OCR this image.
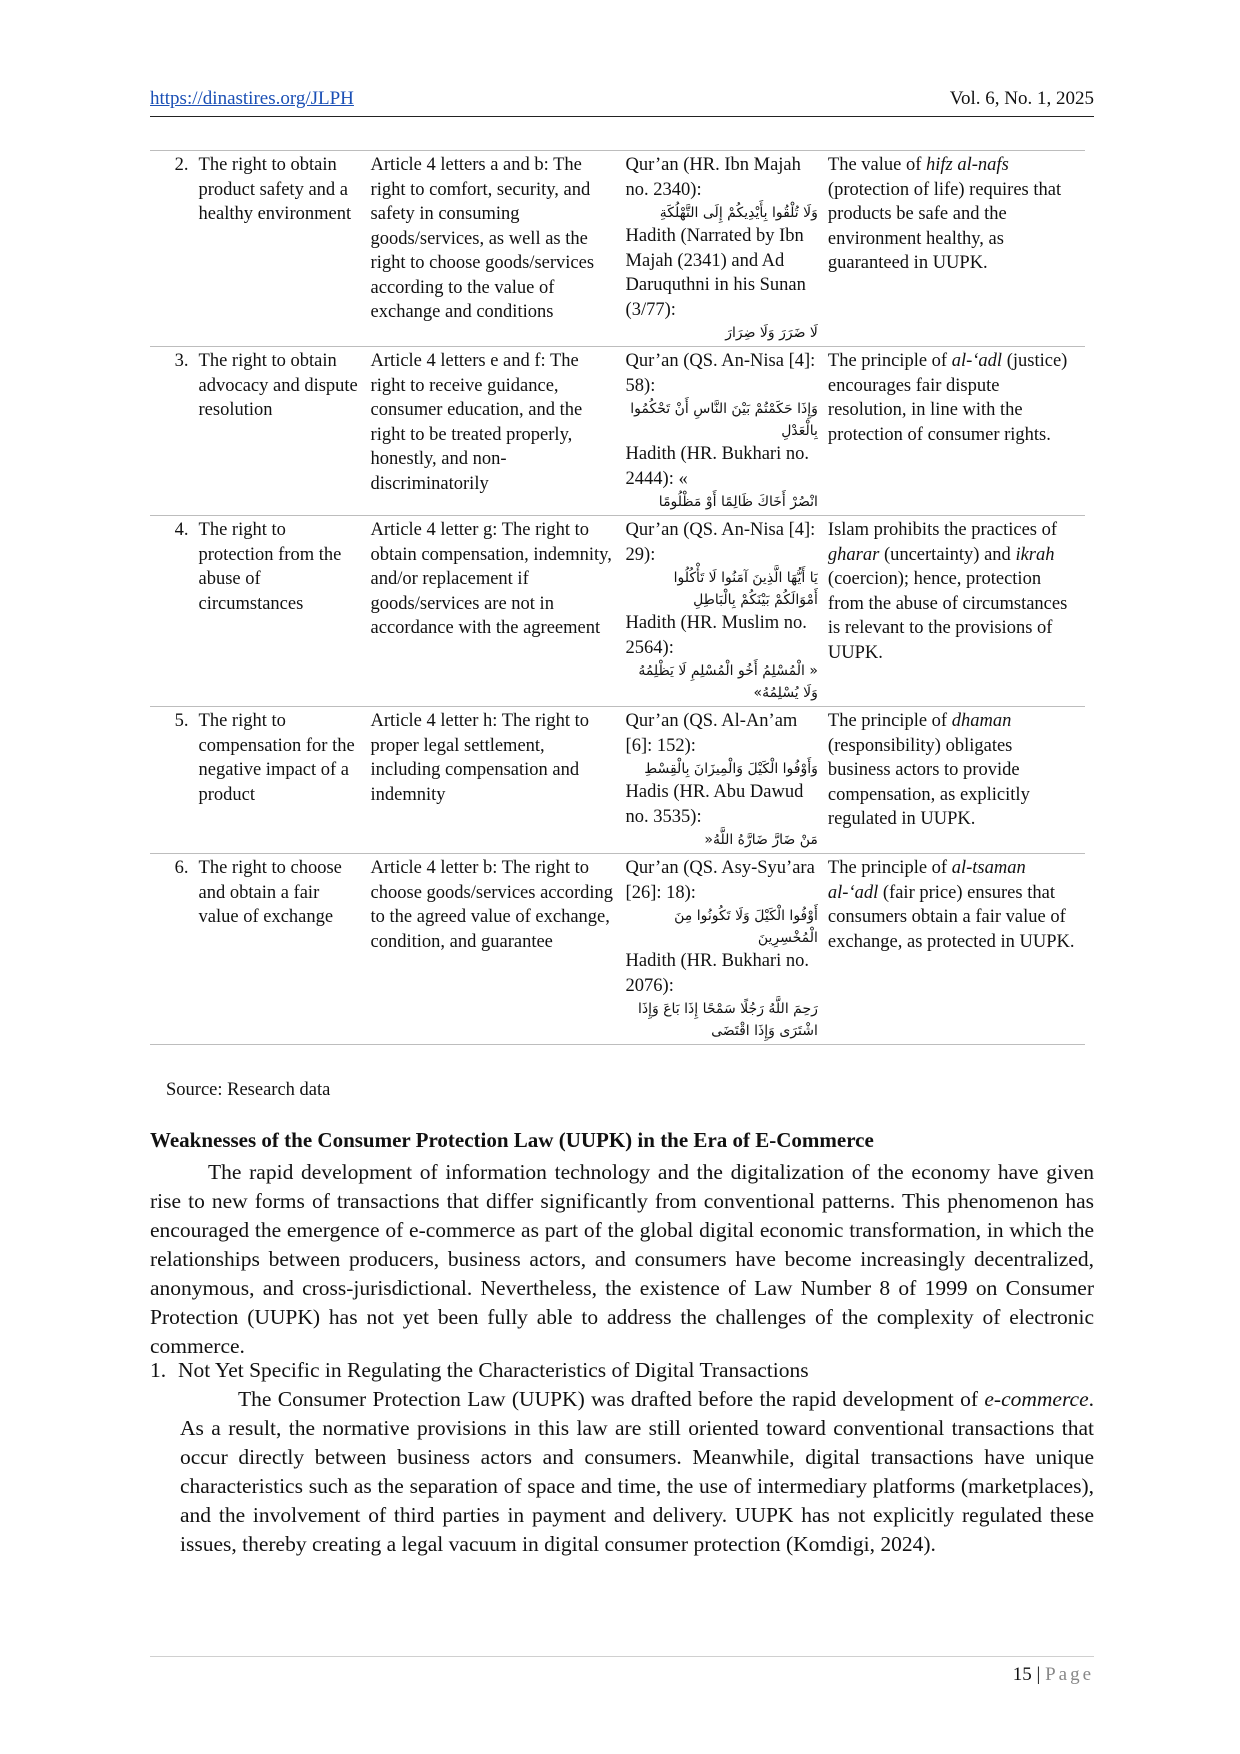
https://dinastires.org/JLPH	Vol. 6, No. 1, 2025
2.	The right to obtain product safety and a healthy environment	Article 4 letters a and b: The right to comfort, security, and safety in consuming goods/services, as well as the right to choose goods/services according to the value of exchange and conditions	Qur’an (HR. Ibn Majah no. 2340):
وَلَا تُلْقُوا بِأَيْدِيكُمْ إِلَى التَّهْلُكَةِ
Hadith (Narrated by Ibn Majah (2341) and Ad Daruquthni in his Sunan (3/77):
لَا ضَرَرَ وَلَا ضِرَارَ	The value of hifz al-nafs (protection of life) requires that products be safe and the environment healthy, as guaranteed in UUPK.
3.	The right to obtain advocacy and dispute resolution	Article 4 letters e and f: The right to receive guidance, consumer education, and the right to be treated properly, honestly, and non-discriminatorily	Qur’an (QS. An-Nisa [4]: 58):
وَإِذَا حَكَمْتُمْ بَيْنَ النَّاسِ أَنْ تَحْكُمُوا بِالْعَدْلِ
Hadith (HR. Bukhari no. 2444): «
انْصُرْ أَخَاكَ ظَالِمًا أَوْ مَظْلُومًا	The principle of al-‘adl (justice) encourages fair dispute resolution, in line with the protection of consumer rights.
4.	The right to protection from the abuse of circumstances	Article 4 letter g: The right to obtain compensation, indemnity, and/or replacement if goods/services are not in accordance with the agreement	Qur’an (QS. An-Nisa [4]: 29):
يَا أَيُّهَا الَّذِينَ آمَنُوا لَا تَأْكُلُوا أَمْوَالَكُمْ بَيْنَكُمْ بِالْبَاطِلِ
Hadith (HR. Muslim no. 2564):
« الْمُسْلِمُ أَخُو الْمُسْلِمِ لَا يَظْلِمُهُ وَلَا يُسْلِمُهُ»	Islam prohibits the practices of gharar (uncertainty) and ikrah (coercion); hence, protection from the abuse of circumstances is relevant to the provisions of UUPK.
5.	The right to compensation for the negative impact of a product	Article 4 letter h: The right to proper legal settlement, including compensation and indemnity	Qur’an (QS. Al-An’am [6]: 152):
وَأَوْفُوا الْكَيْلَ وَالْمِيزَانَ بِالْقِسْطِ
Hadis (HR. Abu Dawud no. 3535):
مَنْ ضَارَّ ضَارَّهُ اللَّهُ«	The principle of dhaman (responsibility) obligates business actors to provide compensation, as explicitly regulated in UUPK.
6.	The right to choose and obtain a fair value of exchange	Article 4 letter b: The right to choose goods/services according to the agreed value of exchange, condition, and guarantee	Qur’an (QS. Asy-Syu’ara [26]: 18):
أَوْفُوا الْكَيْلَ وَلَا تَكُونُوا مِنَ الْمُخْسِرِينَ
Hadith (HR. Bukhari no. 2076):
رَحِمَ اللَّهُ رَجُلًا سَمْحًا إِذَا بَاعَ وَإِذَا اشْتَرَى وَإِذَا اقْتَضَى	The principle of al-tsaman al-‘adl (fair price) ensures that consumers obtain a fair value of exchange, as protected in UUPK.
Source: Research data
Weaknesses of the Consumer Protection Law (UUPK) in the Era of E-Commerce

The rapid development of information technology and the digitalization of the economy have given rise to new forms of transactions that differ significantly from conventional patterns. This phenomenon has encouraged the emergence of e-commerce as part of the global digital economic transformation, in which the relationships between producers, business actors, and consumers have become increasingly decentralized, anonymous, and cross-jurisdictional. Nevertheless, the existence of Law Number 8 of 1999 on Consumer Protection (UUPK) has not yet been fully able to address the challenges of the complexity of electronic commerce.

1. Not Yet Specific in Regulating the Characteristics of Digital Transactions

The Consumer Protection Law (UUPK) was drafted before the rapid development of e-commerce. As a result, the normative provisions in this law are still oriented toward conventional transactions that occur directly between business actors and consumers. Meanwhile, digital transactions have unique characteristics such as the separation of space and time, the use of intermediary platforms (marketplaces), and the involvement of third parties in payment and delivery. UUPK has not explicitly regulated these issues, thereby creating a legal vacuum in digital consumer protection (Komdigi, 2024).

15 | Page
